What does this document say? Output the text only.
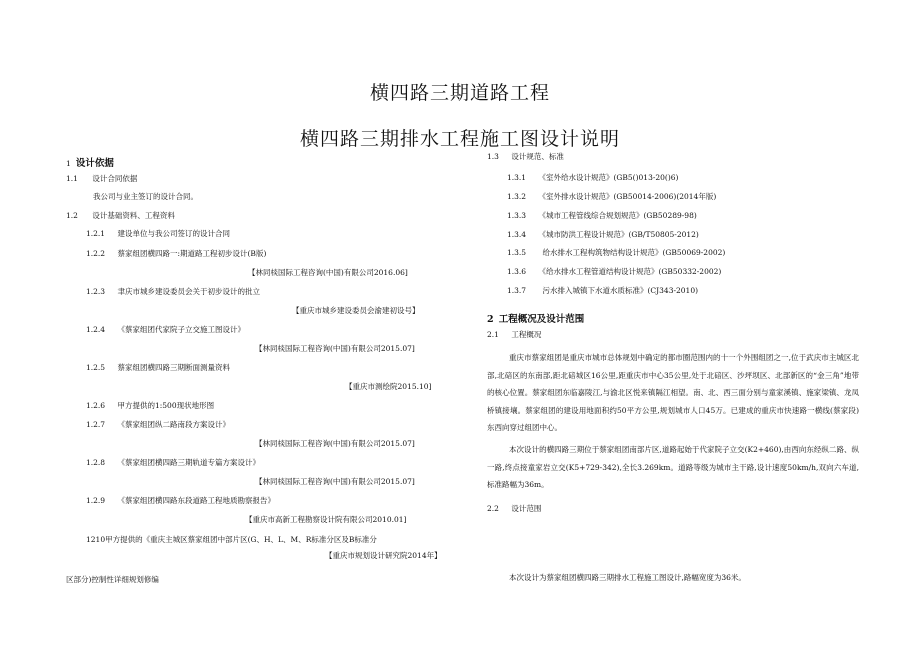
横四路三期道路工程
横四路三期排水工程施工图设计说明
1 设计依据
1.1 设计合同依据
我公司与业主签订的设计合同。
1.2 设计基础资料、工程资料
1.2.1 建设单位与我公司签订的设计合同
1.2.2 蔡家组团横四路一:期道路工程初步设计(B版)
【林同棪国际工程咨询(中国)有限公司2016.06]
1.2.3 聿庆市城乡建设委员会关于初步设计的批立
【重庆市城乡建设委员会渝建初设号】
1.2.4 《蔡家组团代家院子立交施工图设计》
【林同棪国际工程咨询(中国)有限公司2015.07]
1.2.5 蔡家组团横四路三期断面测量资料
【重庆市测绘院2015.10]
1.2.6 甲方提供的1:500现状地形图
1.2.7 《蔡家组团纵二路南段方案设计》
【林同棪国际工程咨询(中国)有限公司2015.07]
1.2.8 《蔡家组团横四路三期轨道专篇方案设计》
【林同棪国际工程咨询(中国)有限公司2015.07]
1.2.9 《蔡家组团横四路东段道路工程地质勘察报告》
【重庆市高新工程勘察设计院有限公司2010.01]
1210甲方提供的《重庆主城区蔡家组团中部片区(G、H、L、M、R标准分区及B标准分
【重庆市规划设计研究院2014年】
区部分)控制性详细规划修编
1.3 设计规范、标准
1.3.1 《室外给水设计规范》(GB5()013-20()6)
1.3.2 《室外排水设计规范》(GB50014-2006)(2014年版)
1.3.3 《城市工程管线综合规划规范》(GB50289-98)
1.3.4 《城市防洪工程设计规范》(GB/T50805-2012)
1.3.5 给水排水工程构筑物结构设计规范》(GB50069-2002)
1.3.6 《给水排水工程管道结构设计规范》(GB50332-2002)
1.3.7 污水排入城镇下水道水质标准》(CJ343-2010)
2 工程概况及设计范围
2.1 工程概况
重庆市蔡家组团是重庆市城市总体规划中确定的都市圈范围内的十一个外围组团之一,位于武庆市主城区北部,北碚区的东南部,距北碚城区16公里,距重庆市中心35公里,处于北碚区、沙坪坝区、北部新区的“金三角”地带的核心位置。蔡家组团东临嘉陵江,与渝北区悦来镇隔江相望。南、北、西三面分别与童家溪镇、施家梁镇、龙凤桥镇接壤。蔡家组团的建设用地面积约50平方公里,规划城市人口45万。已建成的重庆市快速路一横线(蔡家段)东西向穿过组团中心。
本次设计的横四路三期位于蔡家组团南部片区,道路起始于代家院子立交(K2+460),由西向东经纵二路、纵一路,终点接童家岩立交(K5+729-342),全长3.269km。道路等级为城市主干路,设计速度50km/h,双向六车道,标准路幅为36m。
2.2 设计范围
本次设计为蔡家组团横四路三期排水工程施工图设计,路幅宽度为36米。
